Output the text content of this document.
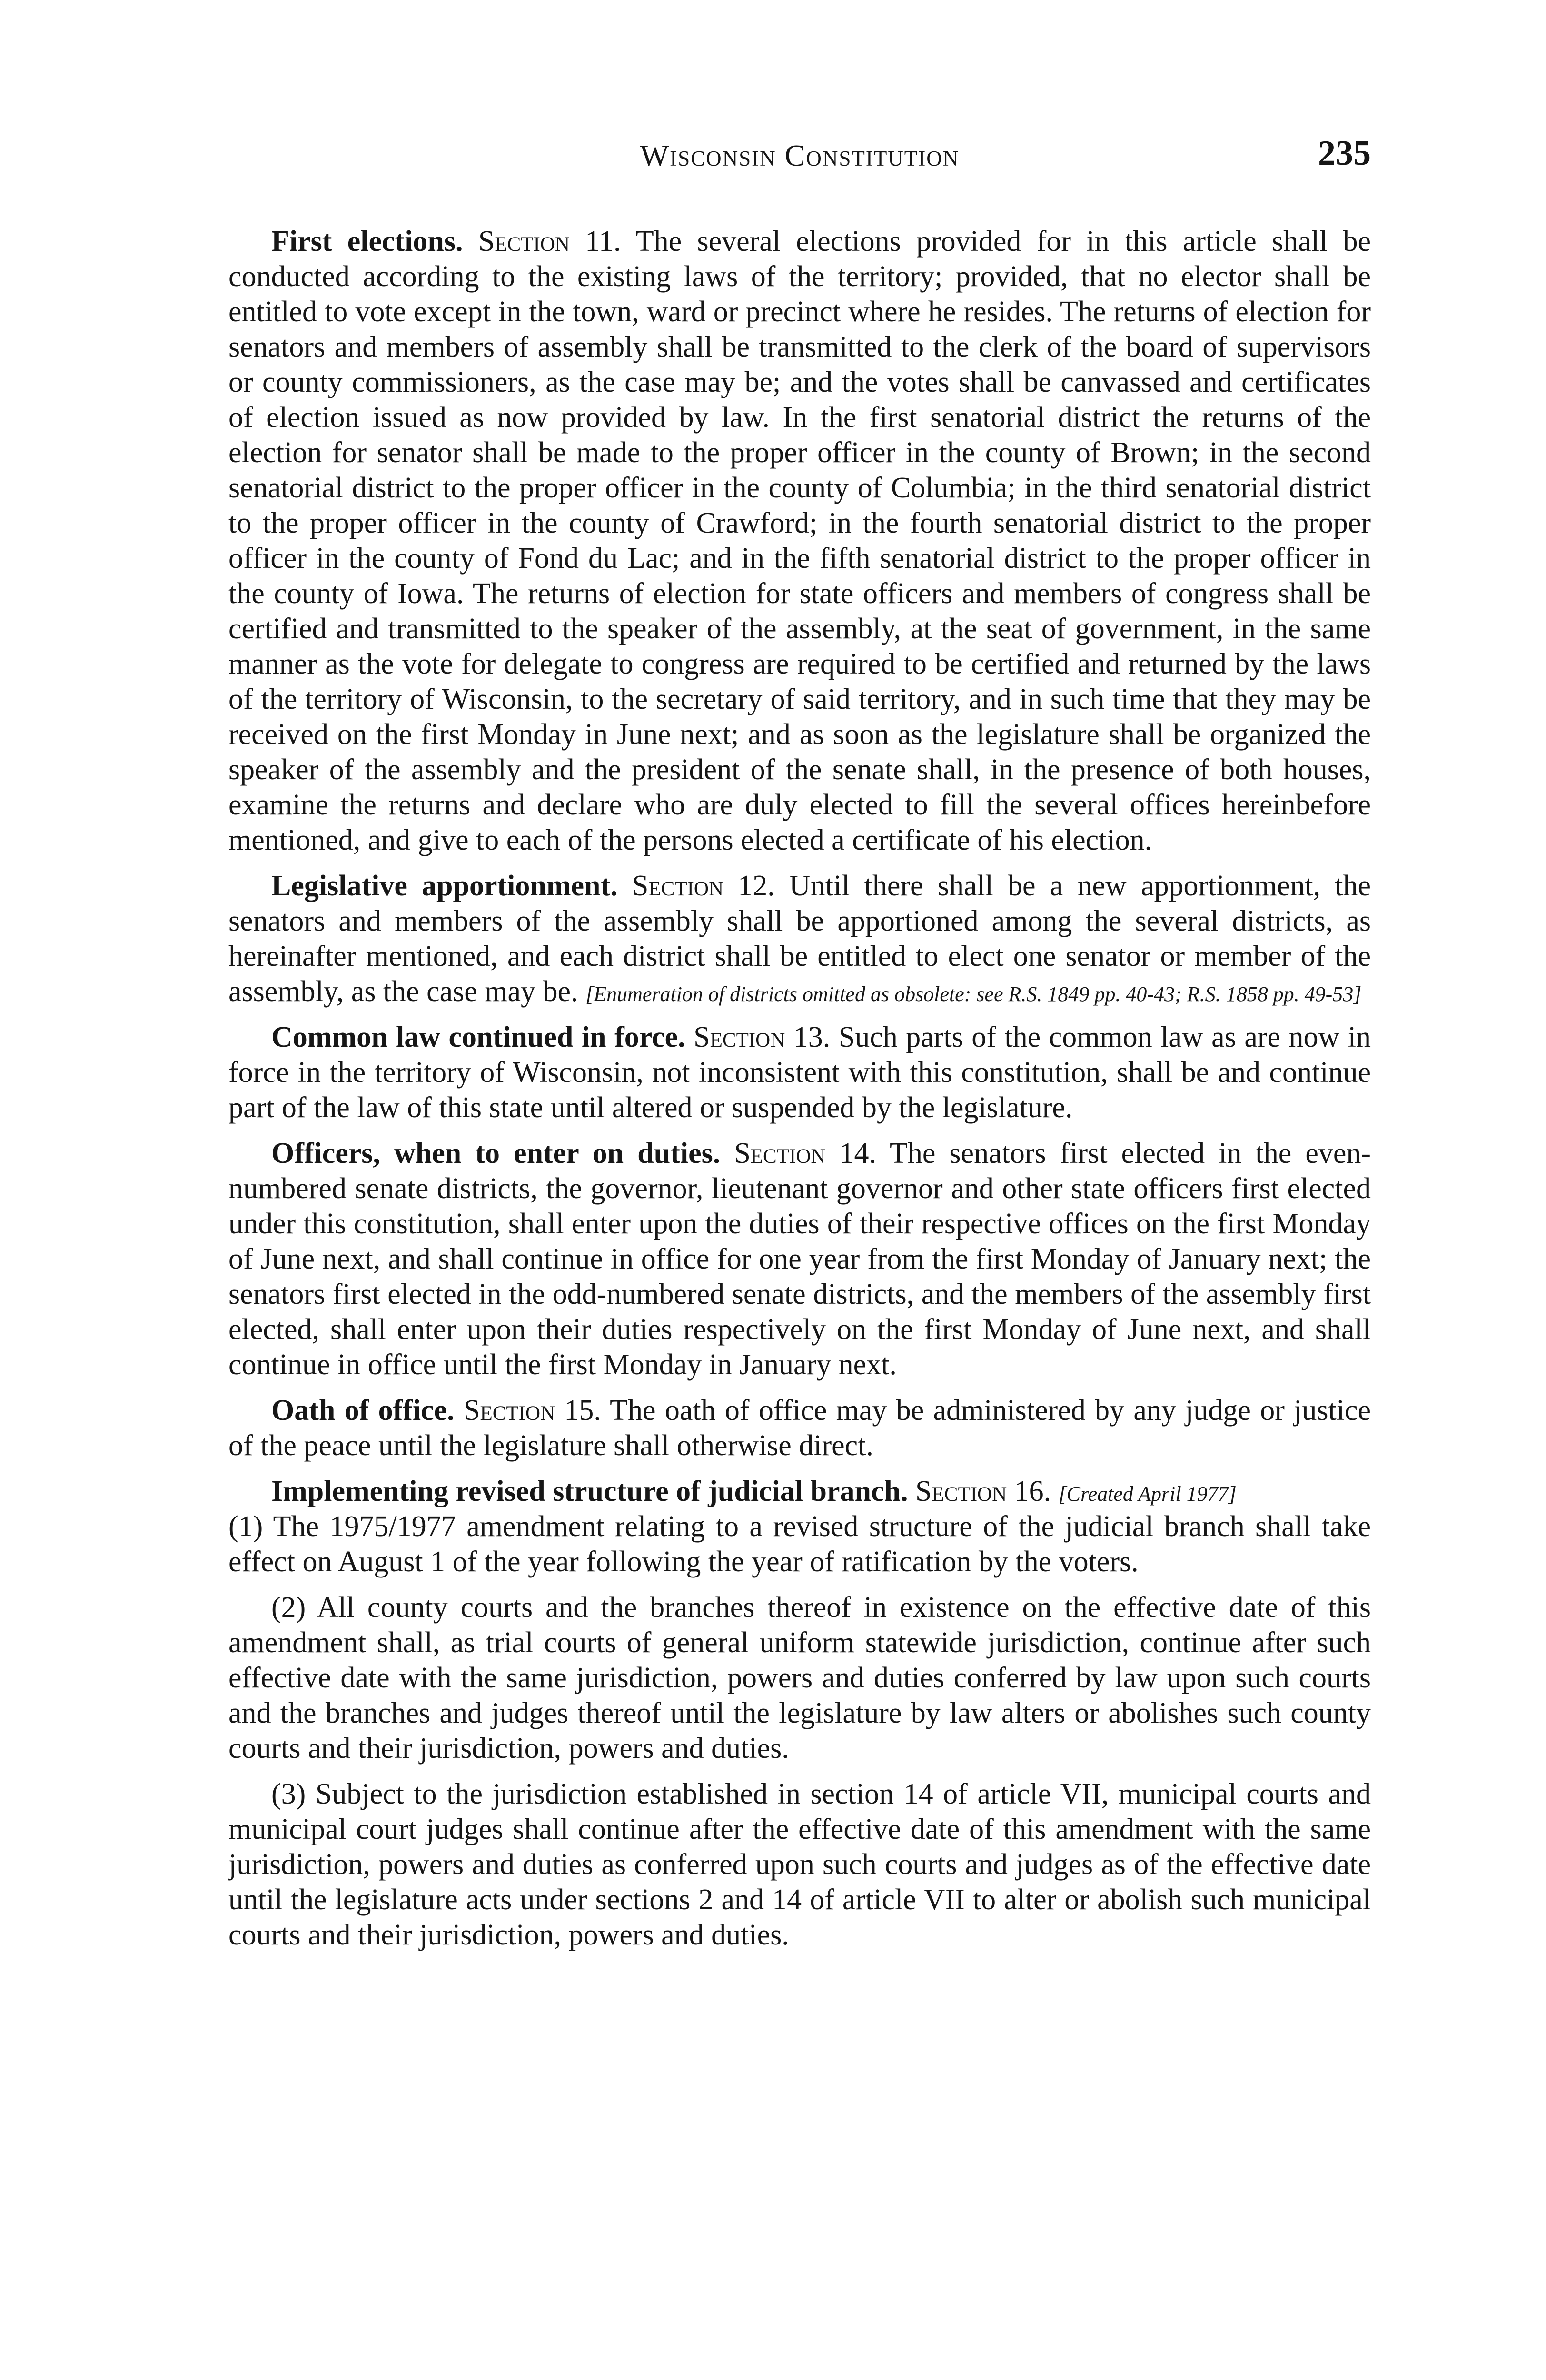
Wisconsin Constitution	235

First elections. Section 11. The several elections provided for in this article shall be conducted according to the existing laws of the territory; provided, that no elector shall be entitled to vote except in the town, ward or precinct where he resides. The returns of election for senators and members of assembly shall be transmitted to the clerk of the board of supervisors or county commissioners, as the case may be; and the votes shall be canvassed and certificates of election issued as now provided by law. In the first senatorial district the returns of the election for senator shall be made to the proper officer in the county of Brown; in the second senatorial district to the proper officer in the county of Columbia; in the third senatorial district to the proper officer in the county of Crawford; in the fourth senatorial district to the proper officer in the county of Fond du Lac; and in the fifth senatorial district to the proper officer in the county of Iowa. The returns of election for state officers and members of congress shall be certified and transmitted to the speaker of the assembly, at the seat of government, in the same manner as the vote for delegate to congress are required to be certified and returned by the laws of the territory of Wisconsin, to the secretary of said territory, and in such time that they may be received on the first Monday in June next; and as soon as the legislature shall be organized the speaker of the assembly and the president of the senate shall, in the presence of both houses, examine the returns and declare who are duly elected to fill the several offices hereinbefore mentioned, and give to each of the persons elected a certificate of his election.

Legislative apportionment. Section 12. Until there shall be a new apportionment, the senators and members of the assembly shall be apportioned among the several districts, as hereinafter mentioned, and each district shall be entitled to elect one senator or member of the assembly, as the case may be. [Enumeration of districts omitted as obsolete: see R.S. 1849 pp. 40-43; R.S. 1858 pp. 49-53]

Common law continued in force. Section 13. Such parts of the common law as are now in force in the territory of Wisconsin, not inconsistent with this constitution, shall be and continue part of the law of this state until altered or suspended by the legislature.

Officers, when to enter on duties. Section 14. The senators first elected in the even-numbered senate districts, the governor, lieutenant governor and other state officers first elected under this constitution, shall enter upon the duties of their respective offices on the first Monday of June next, and shall continue in office for one year from the first Monday of January next; the senators first elected in the odd-numbered senate districts, and the members of the assembly first elected, shall enter upon their duties respectively on the first Monday of June next, and shall continue in office until the first Monday in January next.

Oath of office. Section 15. The oath of office may be administered by any judge or justice of the peace until the legislature shall otherwise direct.

Implementing revised structure of judicial branch. Section 16. [Created April 1977]

(1) The 1975/1977 amendment relating to a revised structure of the judicial branch shall take effect on August 1 of the year following the year of ratification by the voters.

(2) All county courts and the branches thereof in existence on the effective date of this amendment shall, as trial courts of general uniform statewide jurisdiction, continue after such effective date with the same jurisdiction, powers and duties conferred by law upon such courts and the branches and judges thereof until the legislature by law alters or abolishes such county courts and their jurisdiction, powers and duties.

(3) Subject to the jurisdiction established in section 14 of article VII, municipal courts and municipal court judges shall continue after the effective date of this amendment with the same jurisdiction, powers and duties as conferred upon such courts and judges as of the effective date until the legislature acts under sections 2 and 14 of article VII to alter or abolish such municipal courts and their jurisdiction, powers and duties.
